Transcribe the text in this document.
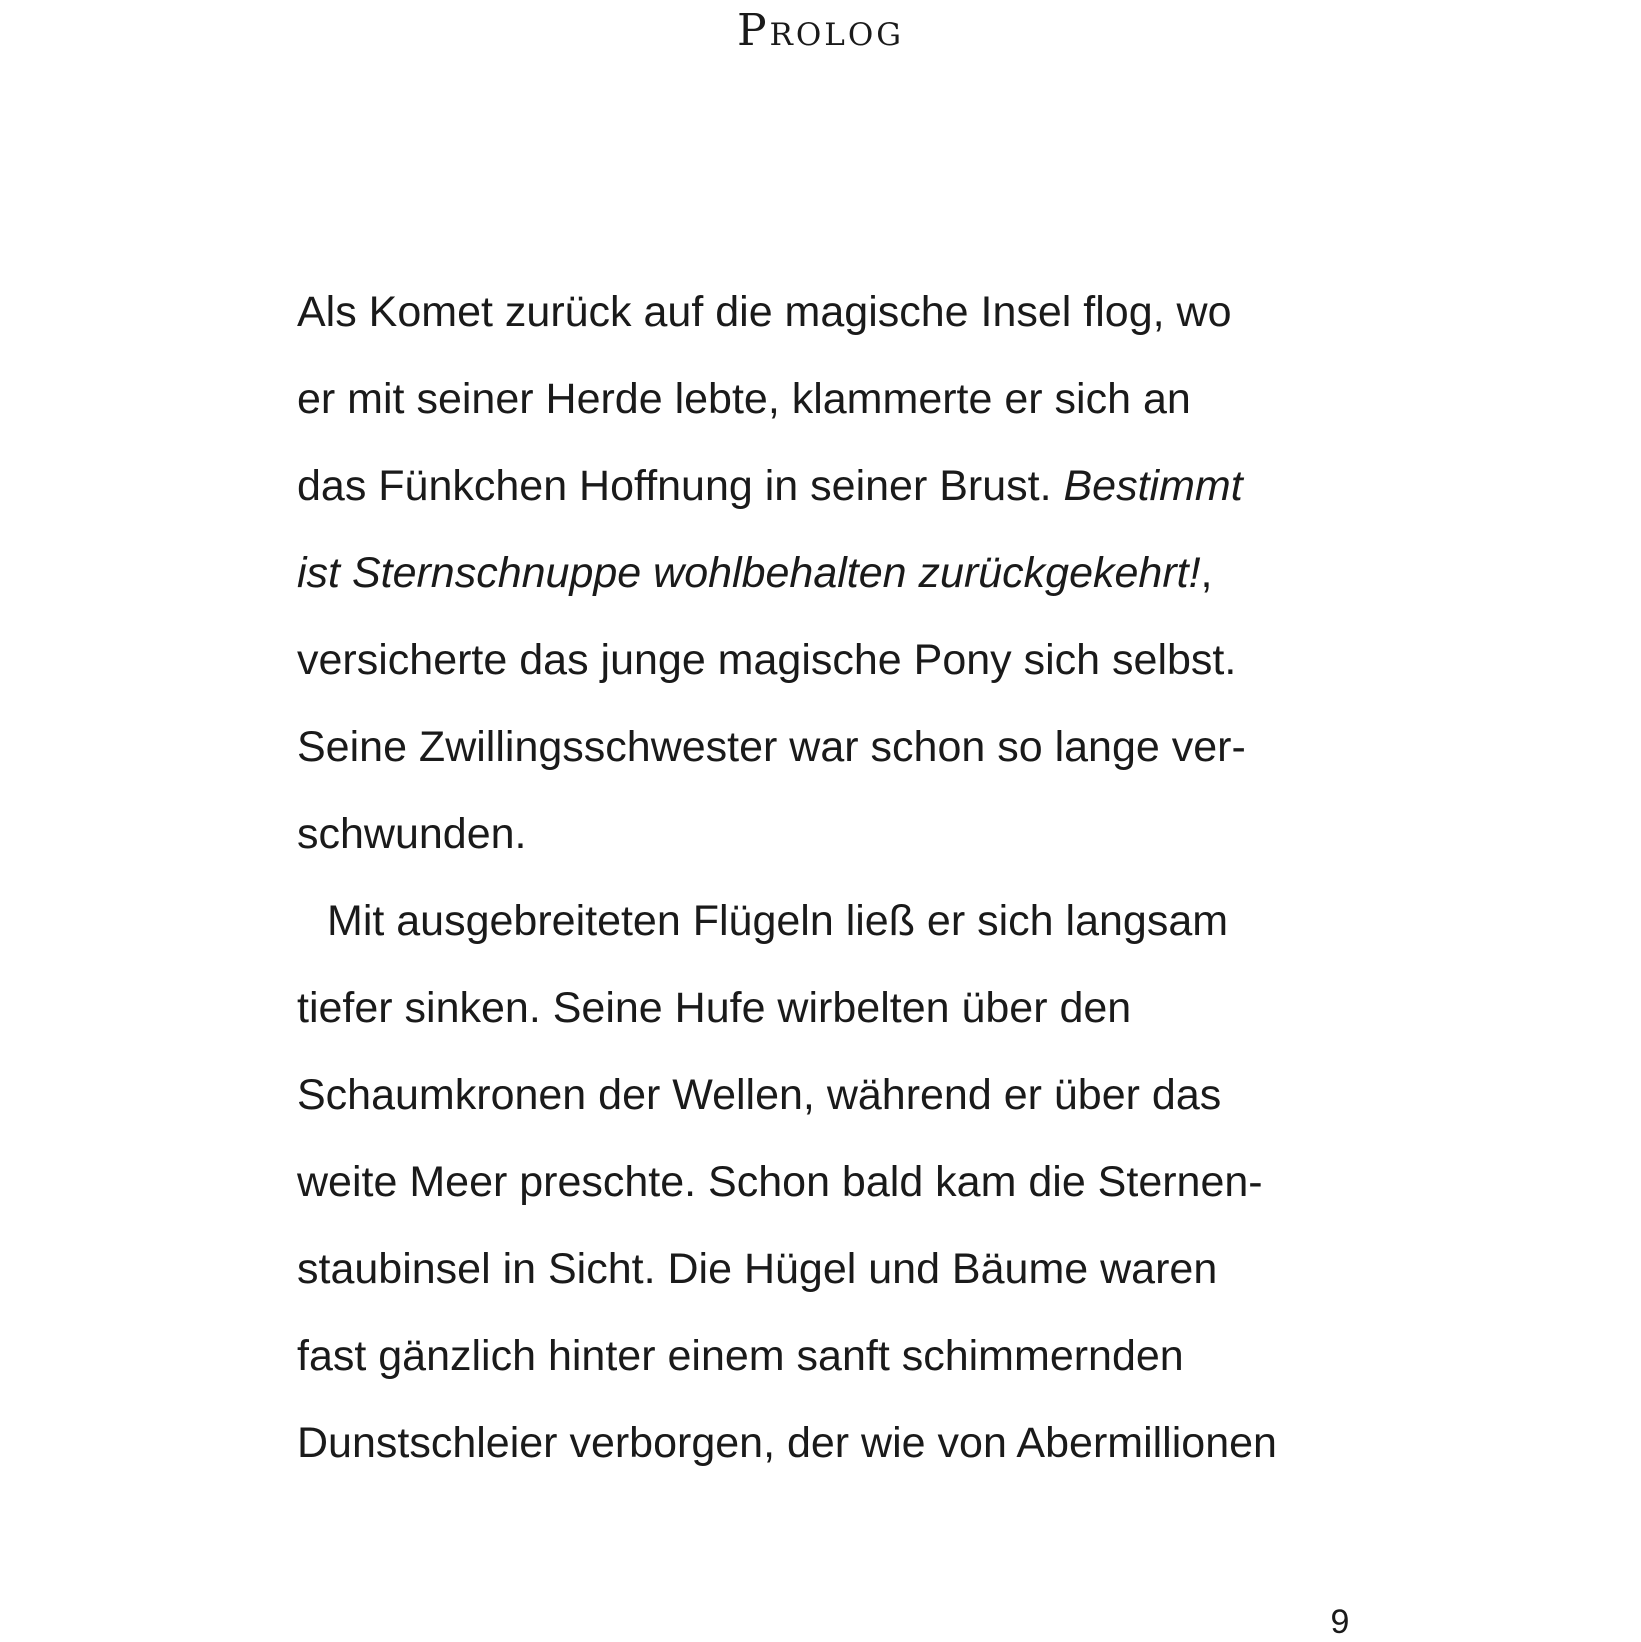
Prolog
Als Komet zurück auf die magische Insel flog, wo
er mit seiner Herde lebte, klammerte er sich an
das Fünkchen Hoffnung in seiner Brust. Bestimmt
ist Sternschnuppe wohlbehalten zurückgekehrt!,
versicherte das junge magische Pony sich selbst.
Seine Zwillingsschwester war schon so lange ver-
schwunden.
Mit ausgebreiteten Flügeln ließ er sich langsam
tiefer sinken. Seine Hufe wirbelten über den
Schaumkronen der Wellen, während er über das
weite Meer preschte. Schon bald kam die Sternen-
staubinsel in Sicht. Die Hügel und Bäume waren
fast gänzlich hinter einem sanft schimmernden
Dunstschleier verborgen, der wie von Abermillionen
9
